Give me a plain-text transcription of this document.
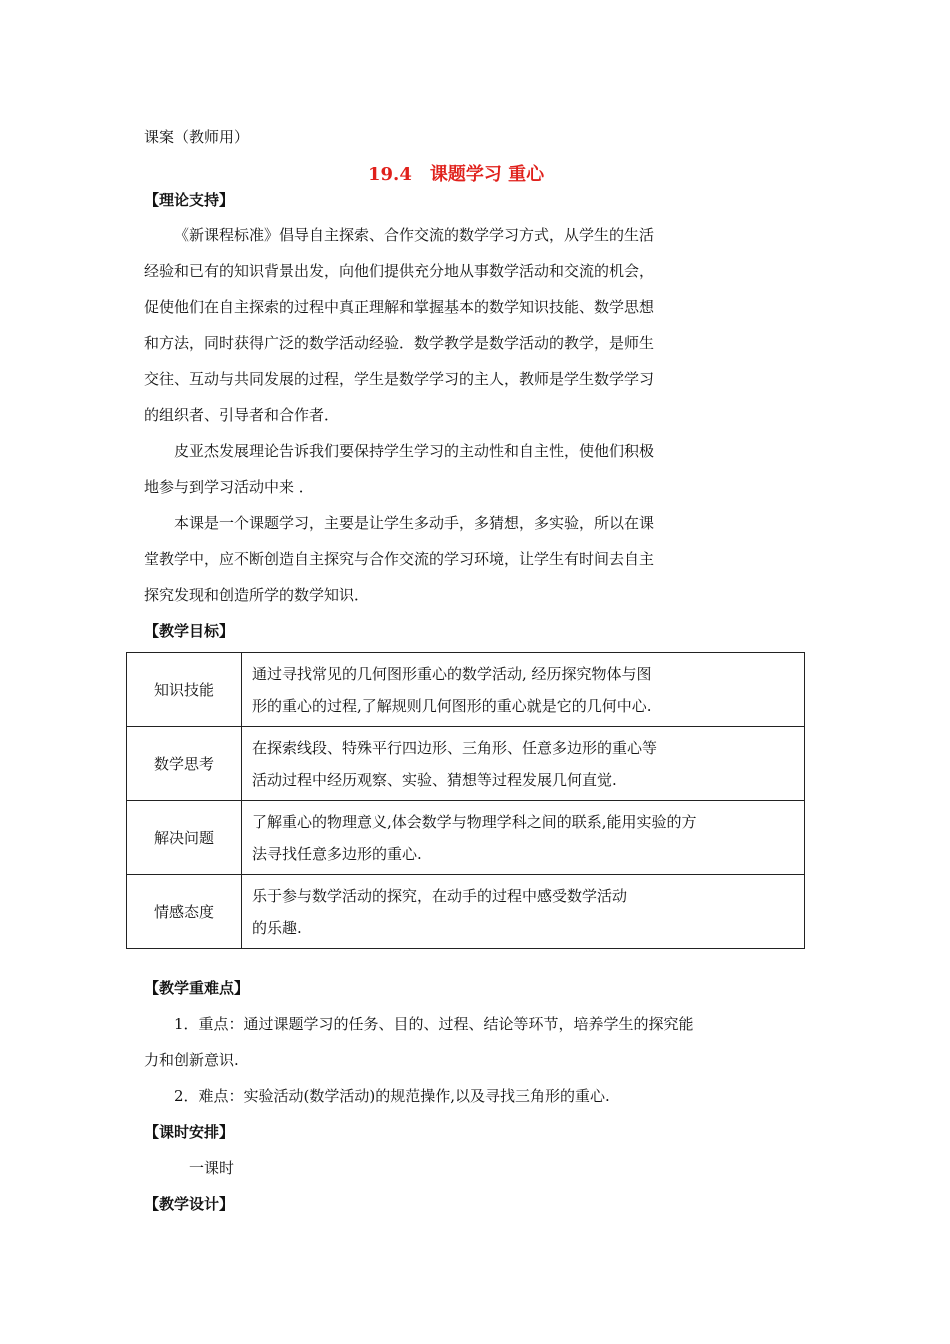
课案（教师用）
19.4　课题学习 重心
【理论支持】
《新课程标准》倡导自主探索、合作交流的数学学习方式，从学生的生活
经验和已有的知识背景出发，向他们提供充分地从事数学活动和交流的机会，
促使他们在自主探索的过程中真正理解和掌握基本的数学知识技能、数学思想
和方法，同时获得广泛的数学活动经验．数学教学是数学活动的教学，是师生
交往、互动与共同发展的过程，学生是数学学习的主人，教师是学生数学学习
的组织者、引导者和合作者．
皮亚杰发展理论告诉我们要保持学生学习的主动性和自主性，使他们积极
地参与到学习活动中来 ．
本课是一个课题学习，主要是让学生多动手，多猜想，多实验，所以在课
堂教学中，应不断创造自主探究与合作交流的学习环境，让学生有时间去自主
探究发现和创造所学的数学知识．
【教学目标】
知识技能	通过寻找常见的几何图形重心的数学活动, 经历探究物体与图
形的重心的过程,了解规则几何图形的重心就是它的几何中心.

数学思考	在探索线段、特殊平行四边形、三角形、任意多边形的重心等
活动过程中经历观察、实验、猜想等过程发展几何直觉.

解决问题	了解重心的物理意义,体会数学与物理学科之间的联系,能用实验的方
法寻找任意多边形的重心.

情感态度	乐于参与数学活动的探究，在动手的过程中感受数学活动
的乐趣.
【教学重难点】
1．重点：通过课题学习的任务、目的、过程、结论等环节，培养学生的探究能
力和创新意识.
2．难点：实验活动(数学活动)的规范操作,以及寻找三角形的重心.
【课时安排】
一课时
【教学设计】
